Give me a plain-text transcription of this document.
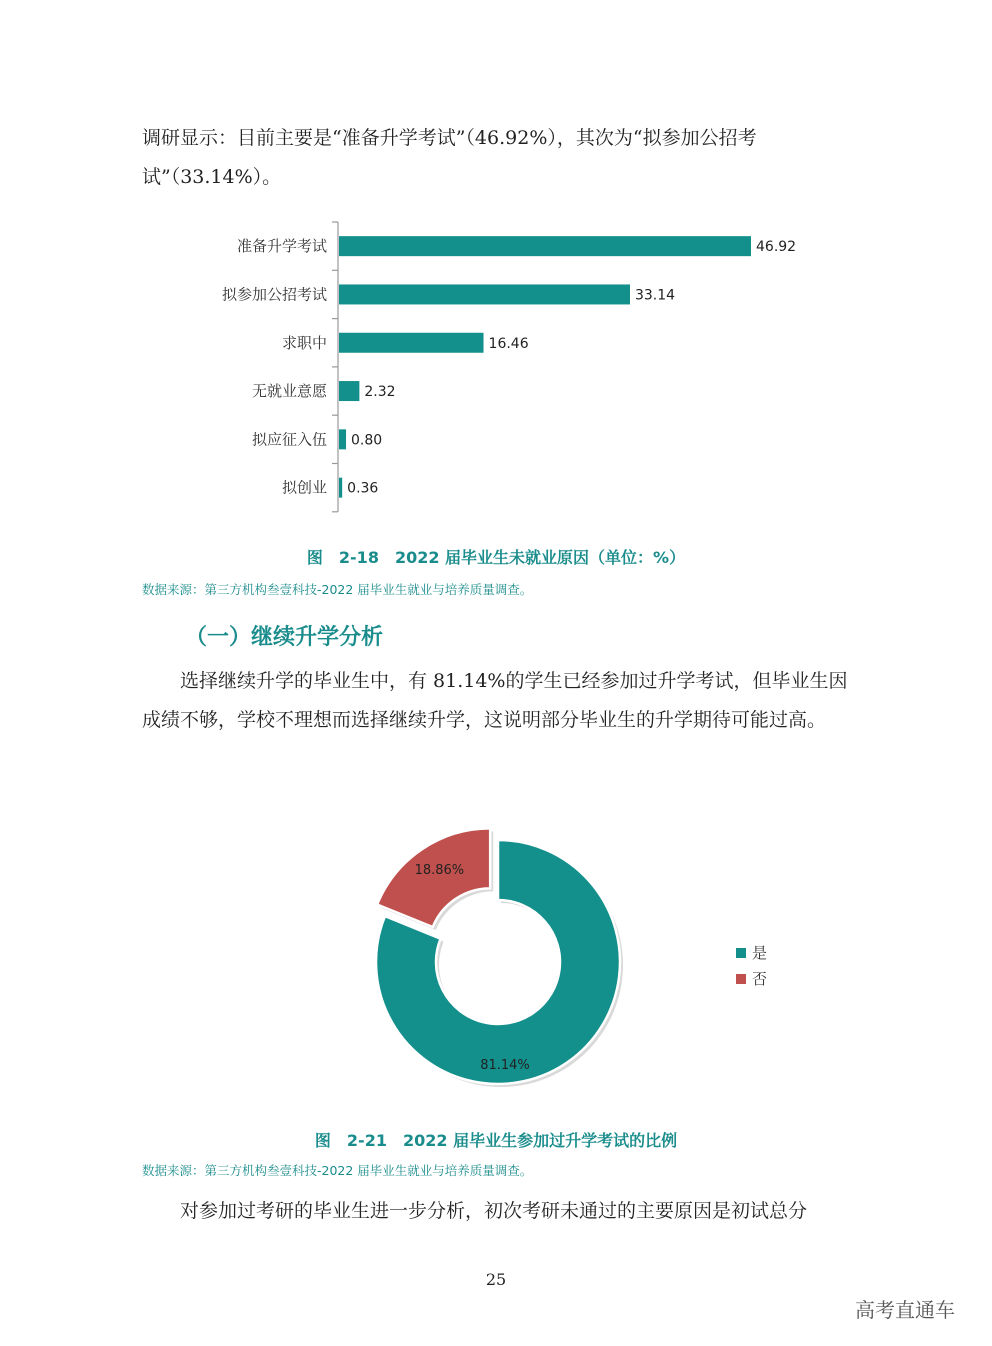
调研显示：目前主要是“准备升学考试”（46.92%），其次为“拟参加公招考试”（33.14%）。

准备升学考试	46.92
拟参加公招考试	33.14
求职中	16.46
无就业意愿	2.32
拟应征入伍 0.80
拟创业 0.36
81.14%
18.86%
是
否
图　2-18　2022 届毕业生未就业原因（单位：%）
数据来源：第三方机构叁壹科技-2022 届毕业生就业与培养质量调查。
（一）继续升学分析

选择继续升学的毕业生中，有 81.14%的学生已经参加过升学考试，但毕业生因成绩不够，学校不理想而选择继续升学，这说明部分毕业生的升学期待可能过高。

图　2-21　2022 届毕业生参加过升学考试的比例
数据来源：第三方机构叁壹科技-2022 届毕业生就业与培养质量调查。

对参加过考研的毕业生进一步分析，初次考研未通过的主要原因是初试总分

25
高考直通车
